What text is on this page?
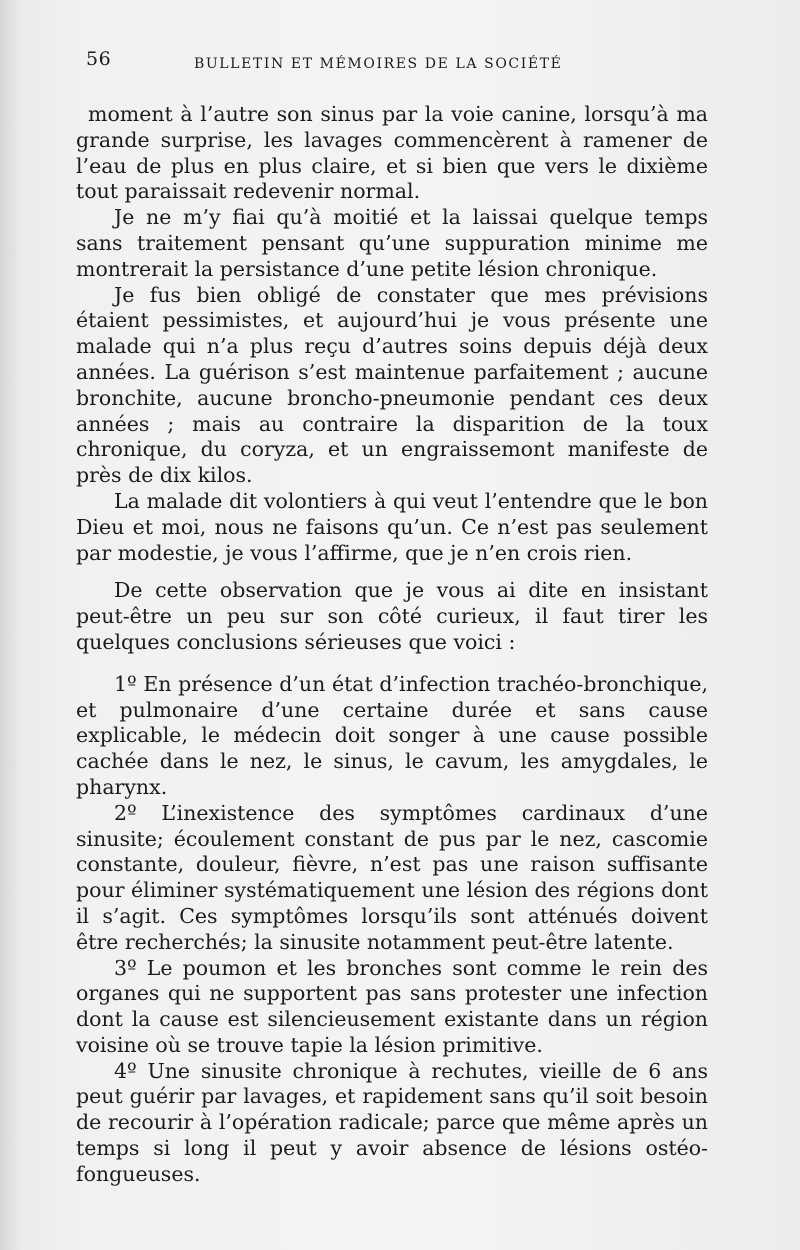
56	BULLETIN ET MÉMOIRES DE LA SOCIÉTÉ

moment à l’autre son sinus par la voie canine, lorsqu’à ma grande surprise, les lavages commencèrent à ramener de l’eau de plus en plus claire, et si bien que vers le dixième tout paraissait redevenir normal.

Je ne m’y fiai qu’à moitié et la laissai quelque temps sans traitement pensant qu’une suppuration minime me montrerait la persistance d’une petite lésion chronique.

Je fus bien obligé de constater que mes prévisions étaient pessimistes, et aujourd’hui je vous présente une malade qui n’a plus reçu d’autres soins depuis déjà deux années. La guérison s’est maintenue parfaitement ; aucune bronchite, aucune broncho-pneumonie pendant ces deux années ; mais au contraire la disparition de la toux chronique, du coryza, et un engraissemont manifeste de près de dix kilos.

La malade dit volontiers à qui veut l’entendre que le bon Dieu et moi, nous ne faisons qu’un. Ce n’est pas seulement par modestie, je vous l’affirme, que je n’en crois rien.

De cette observation que je vous ai dite en insistant peut-être un peu sur son côté curieux, il faut tirer les quelques conclusions sérieuses que voici :

1º En présence d’un état d’infection trachéo-bronchique, et pulmonaire d’une certaine durée et sans cause explicable, le médecin doit songer à une cause possible cachée dans le nez, le sinus, le cavum, les amygdales, le pharynx.

2º L’inexistence des symptômes cardinaux d’une sinusite; écoulement constant de pus par le nez, cascomie constante, douleur, fièvre, n’est pas une raison suffisante pour éliminer systématiquement une lésion des régions dont il s’agit. Ces symptômes lorsqu’ils sont atténués doivent être recherchés; la sinusite notamment peut-être latente.

3º Le poumon et les bronches sont comme le rein des organes qui ne supportent pas sans protester une infection dont la cause est silencieusement existante dans un région voisine où se trouve tapie la lésion primitive.

4º Une sinusite chronique à rechutes, vieille de 6 ans peut guérir par lavages, et rapidement sans qu’il soit besoin de recourir à l’opération radicale; parce que même après un temps si long il peut y avoir absence de lésions ostéo-fongueuses.
